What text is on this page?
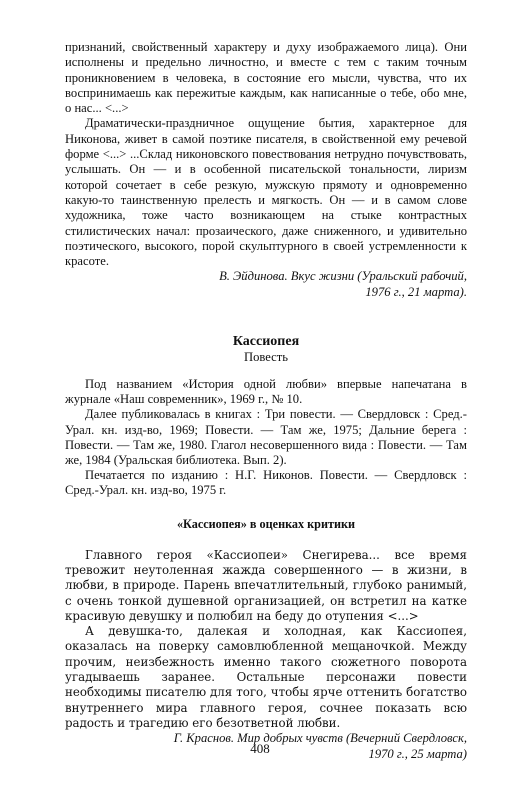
признаний, свойственный характеру и духу изображаемого лица). Они исполнены и предельно личностно, и вместе с тем с таким точным проникновением в человека, в состояние его мысли, чувства, что их воспринимаешь как пережитые каждым, как написанные о тебе, обо мне, о нас... <...>

Драматически-праздничное ощущение бытия, характерное для Никонова, живет в самой поэтике писателя, в свойственной ему речевой форме <...> ...Склад никоновского повествования нетрудно почувствовать, услышать. Он — и в особенной писательской тональности, лиризм которой сочетает в себе резкую, мужскую прямоту и одновременно какую-то таинственную прелесть и мягкость. Он — и в самом слове художника, тоже часто возникающем на стыке контрастных стилистических начал: прозаического, даже сниженного, и удивительно поэтического, высокого, порой скульптурного в своей устремленности к красоте.

В. Эйдинова. Вкус жизни (Уральский рабочий,
1976 г., 21 марта).
Кассиопея
Повесть

Под названием «История одной любви» впервые напечатана в журнале «Наш современник», 1969 г., № 10.

Далее публиковалась в книгах : Три повести. — Свердловск : Сред.-Урал. кн. изд-во, 1969; Повести. — Там же, 1975; Дальние берега : Повести. — Там же, 1980. Глагол несовершенного вида : Повести. — Там же, 1984 (Уральская библиотека. Вып. 2).

Печатается по изданию : Н.Г. Никонов. Повести. — Свердловск : Сред.-Урал. кн. изд-во, 1975 г.

«Кассиопея» в оценках критики

Главного героя «Кассиопеи» Снегирева... все время тревожит неутоленная жажда совершенного — в жизни, в любви, в природе. Парень впечатлительный, глубоко ранимый, с очень тонкой душевной организацией, он встретил на катке красивую девушку и полюбил на беду до отупения <...>

А девушка-то, далекая и холодная, как Кассиопея, оказалась на поверку самовлюбленной мещаночкой. Между прочим, неизбежность именно такого сюжетного поворота угадываешь заранее. Остальные персонажи повести необходимы писателю для того, чтобы ярче оттенить богатство внутреннего мира главного героя, сочнее показать всю радость и трагедию его безответной любви.

Г. Краснов. Мир добрых чувств (Вечерний Свердловск,
1970 г., 25 марта)
408
